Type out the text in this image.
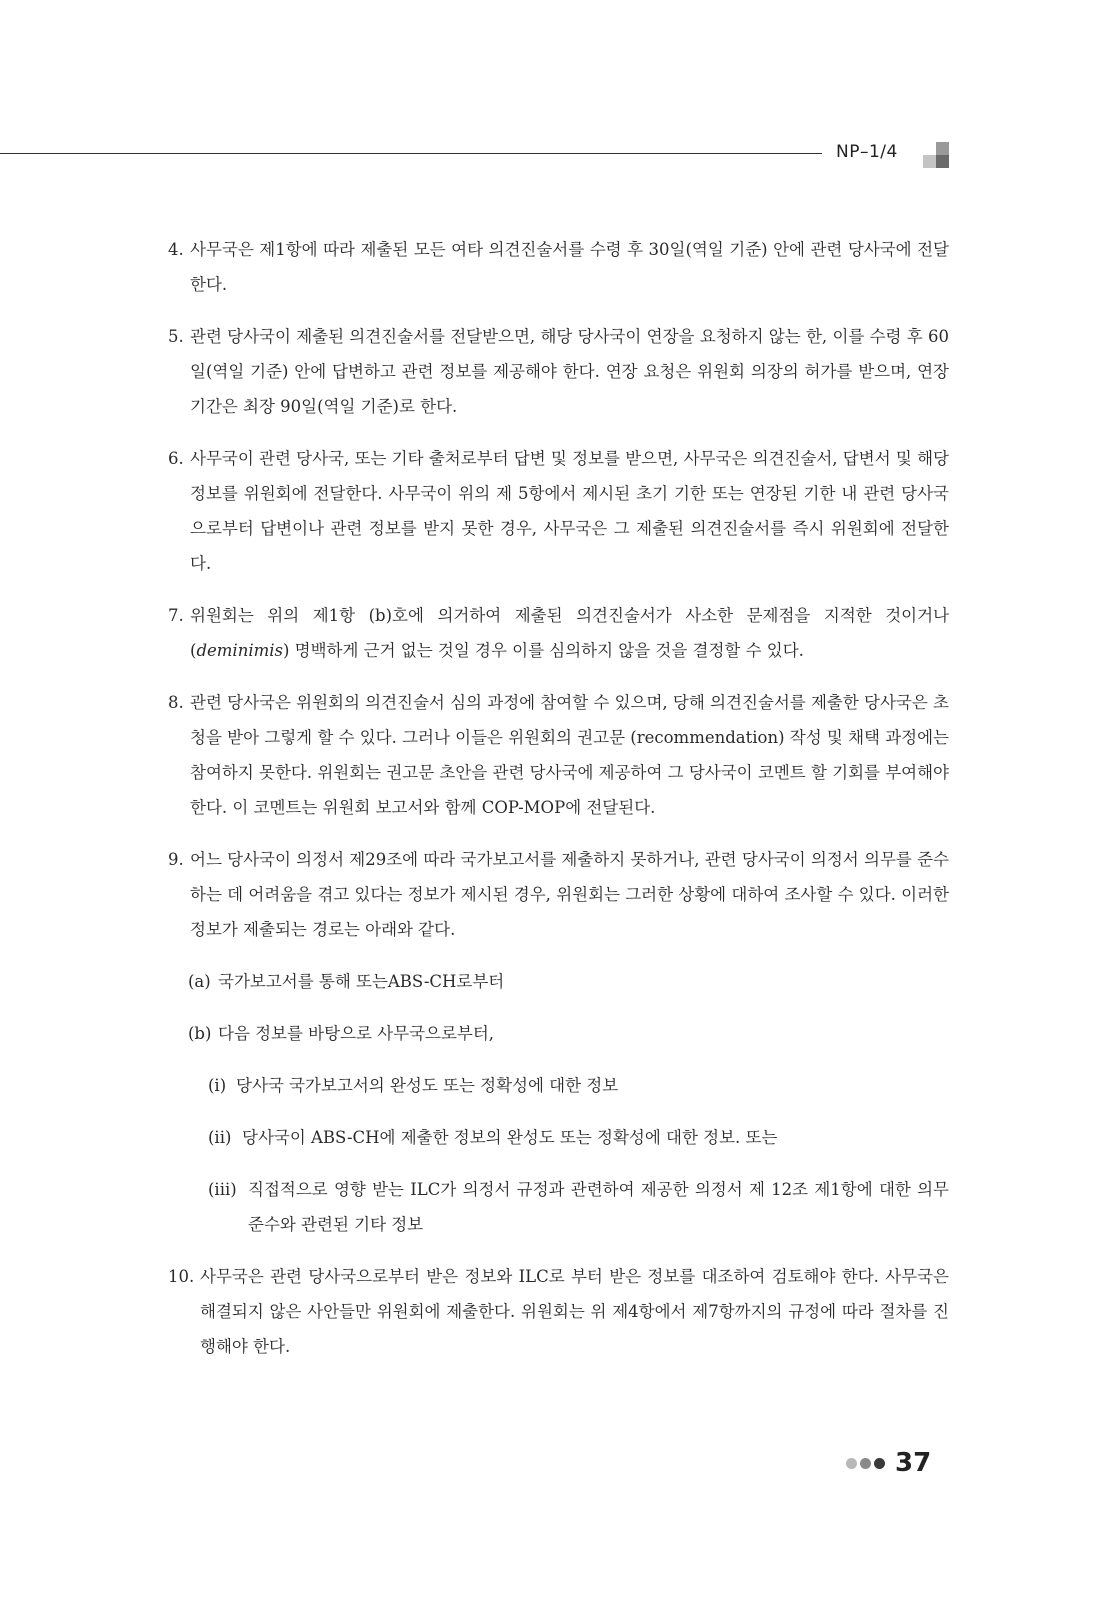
NP–1/4
4. 사무국은 제1항에 따라 제출된 모든 여타 의견진술서를 수령 후 30일(역일 기준) 안에 관련 당사국에 전달한다.
5. 관련 당사국이 제출된 의견진술서를 전달받으면, 해당 당사국이 연장을 요청하지 않는 한, 이를 수령 후 60일(역일 기준) 안에 답변하고 관련 정보를 제공해야 한다. 연장 요청은 위원회 의장의 허가를 받으며, 연장 기간은 최장 90일(역일 기준)로 한다.
6. 사무국이 관련 당사국, 또는 기타 출처로부터 답변 및 정보를 받으면, 사무국은 의견진술서, 답변서 및 해당 정보를 위원회에 전달한다. 사무국이 위의 제 5항에서 제시된 초기 기한 또는 연장된 기한 내 관련 당사국으로부터 답변이나 관련 정보를 받지 못한 경우, 사무국은 그 제출된 의견진술서를 즉시 위원회에 전달한다.
7. 위원회는 위의 제1항 (b)호에 의거하여 제출된 의견진술서가 사소한 문제점을 지적한 것이거나 (deminimis) 명백하게 근거 없는 것일 경우 이를 심의하지 않을 것을 결정할 수 있다.
8. 관련 당사국은 위원회의 의견진술서 심의 과정에 참여할 수 있으며, 당해 의견진술서를 제출한 당사국은 초청을 받아 그렇게 할 수 있다. 그러나 이들은 위원회의 권고문 (recommendation) 작성 및 채택 과정에는 참여하지 못한다. 위원회는 권고문 초안을 관련 당사국에 제공하여 그 당사국이 코멘트 할 기회를 부여해야 한다. 이 코멘트는 위원회 보고서와 함께 COP-MOP에 전달된다.
9. 어느 당사국이 의정서 제29조에 따라 국가보고서를 제출하지 못하거나, 관련 당사국이 의정서 의무를 준수하는 데 어려움을 겪고 있다는 정보가 제시된 경우, 위원회는 그러한 상황에 대하여 조사할 수 있다. 이러한 정보가 제출되는 경로는 아래와 같다.
(a) 국가보고서를 통해 또는ABS-CH로부터
(b) 다음 정보를 바탕으로 사무국으로부터,
(i) 당사국 국가보고서의 완성도 또는 정확성에 대한 정보
(ii) 당사국이 ABS-CH에 제출한 정보의 완성도 또는 정확성에 대한 정보. 또는
(iii) 직접적으로 영향 받는 ILC가 의정서 규정과 관련하여 제공한 의정서 제 12조 제1항에 대한 의무준수와 관련된 기타 정보
10. 사무국은 관련 당사국으로부터 받은 정보와 ILC로 부터 받은 정보를 대조하여 검토해야 한다. 사무국은 해결되지 않은 사안들만 위원회에 제출한다. 위원회는 위 제4항에서 제7항까지의 규정에 따라 절차를 진행해야 한다.
37
